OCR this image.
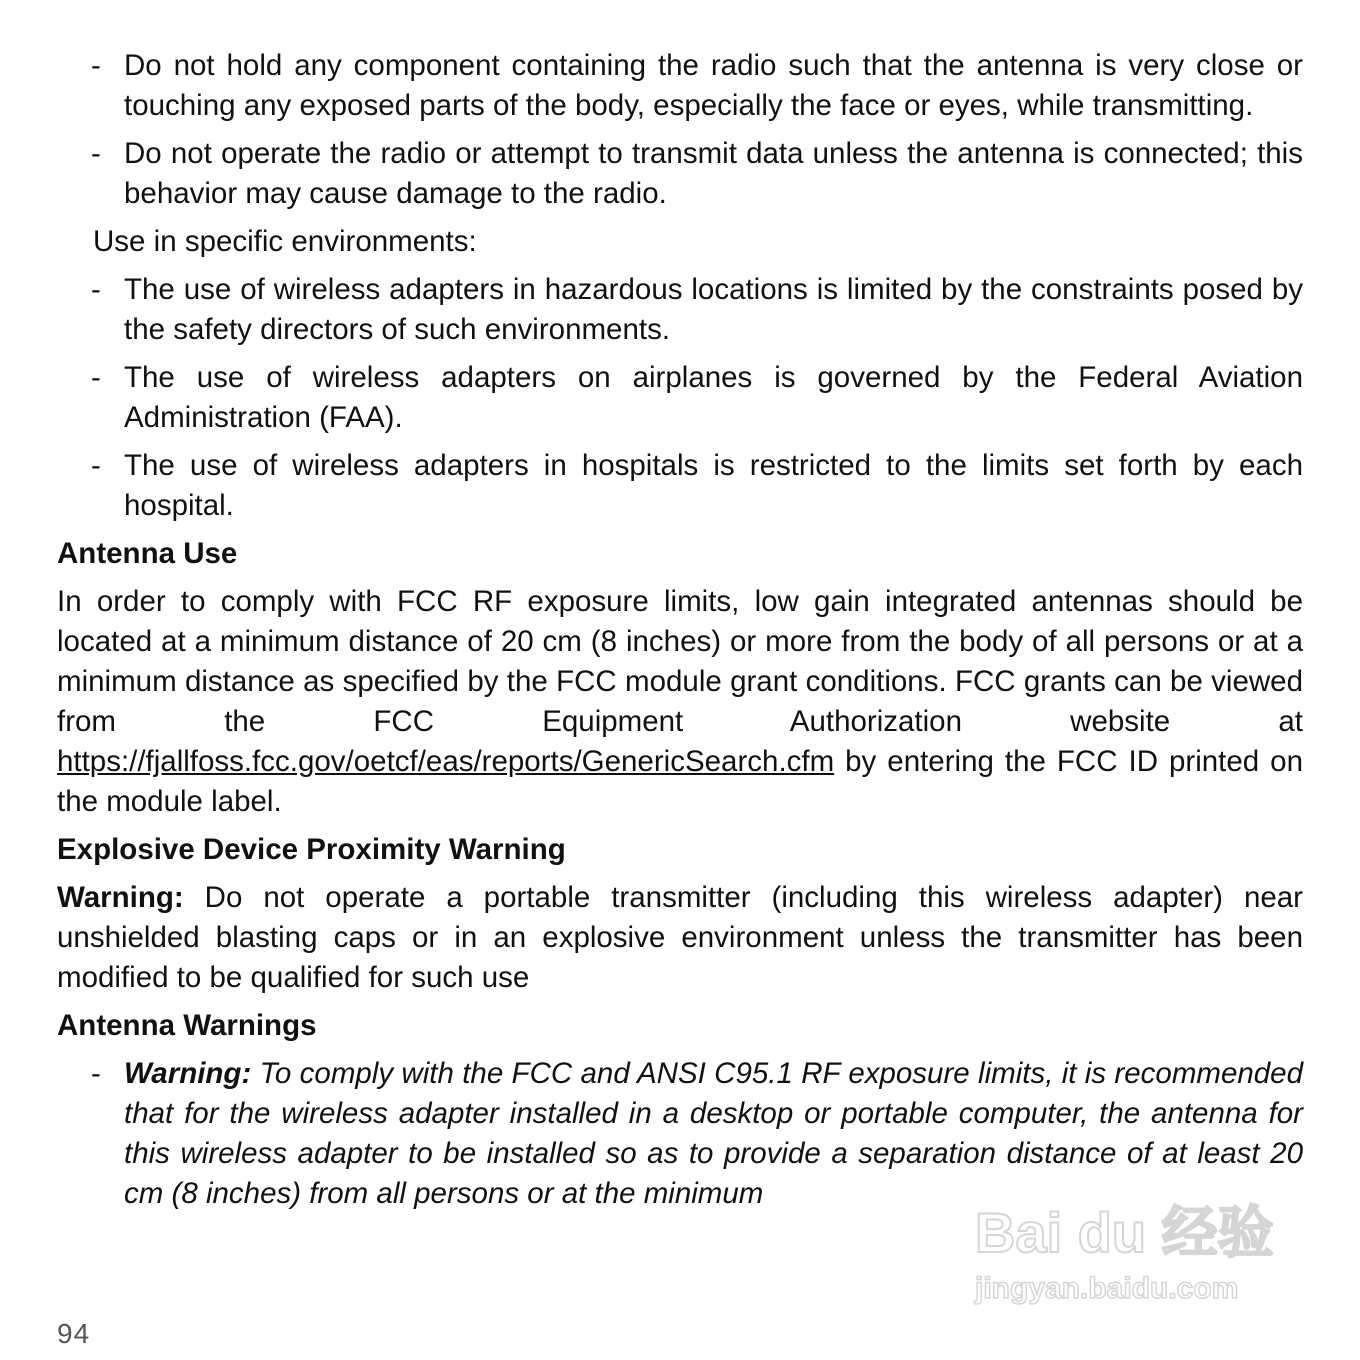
- Do not hold any component containing the radio such that the antenna is very close or touching any exposed parts of the body, especially the face or eyes, while transmitting.
- Do not operate the radio or attempt to transmit data unless the antenna is connected; this behavior may cause damage to the radio.
Use in specific environments:
- The use of wireless adapters in hazardous locations is limited by the constraints posed by the safety directors of such environments.
- The use of wireless adapters on airplanes is governed by the Federal Aviation Administration (FAA).
- The use of wireless adapters in hospitals is restricted to the limits set forth by each hospital.
Antenna Use
In order to comply with FCC RF exposure limits, low gain integrated antennas should be located at a minimum distance of 20 cm (8 inches) or more from the body of all persons or at a minimum distance as specified by the FCC module grant conditions. FCC grants can be viewed from the FCC Equipment Authorization website at https://fjallfoss.fcc.gov/oetcf/eas/reports/GenericSearch.cfm by entering the FCC ID printed on the module label.
Explosive Device Proximity Warning
Warning: Do not operate a portable transmitter (including this wireless adapter) near unshielded blasting caps or in an explosive environment unless the transmitter has been modified to be qualified for such use
Antenna Warnings
- Warning: To comply with the FCC and ANSI C95.1 RF exposure limits, it is recommended that for the wireless adapter installed in a desktop or portable computer, the antenna for this wireless adapter to be installed so as to provide a separation distance of at least 20 cm (8 inches) from all persons or at the minimum
94
Bai du 经验
jingyan.baidu.com
